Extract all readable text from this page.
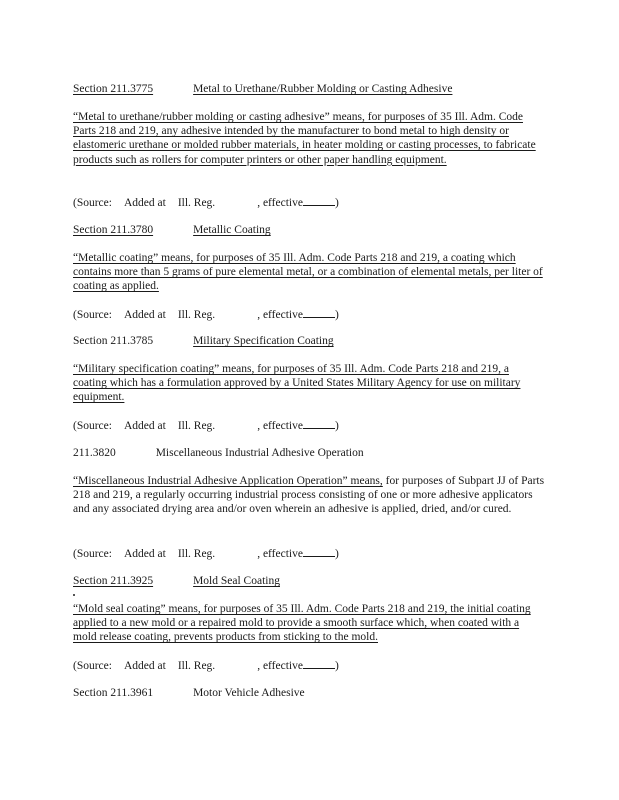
Section 211.3775	Metal to Urethane/Rubber Molding or Casting Adhesive
“Metal to urethane/rubber molding or casting adhesive” means, for purposes of 35 Ill. Adm. Code Parts 218 and 219, any adhesive intended by the manufacturer to bond metal to high density or elastomeric urethane or molded rubber materials, in heater molding or casting processes, to fabricate products such as rollers for computer printers or other paper handling equipment.
(Source: Added at Ill. Reg.	, effective	)
Section 211.3780	Metallic Coating
“Metallic coating” means, for purposes of 35 Ill. Adm. Code Parts 218 and 219, a coating which contains more than 5 grams of pure elemental metal, or a combination of elemental metals, per liter of coating as applied.
(Source: Added at Ill. Reg.	, effective	)
Section 211.3785	Military Specification Coating
“Military specification coating” means, for purposes of 35 Ill. Adm. Code Parts 218 and 219, a coating which has a formulation approved by a United States Military Agency for use on military equipment.
(Source: Added at Ill. Reg.	, effective	)
211.3820	Miscellaneous Industrial Adhesive Operation
“Miscellaneous Industrial Adhesive Application Operation” means, for purposes of Subpart JJ of Parts 218 and 219, a regularly occurring industrial process consisting of one or more adhesive applicators and any associated drying area and/or oven wherein an adhesive is applied, dried, and/or cured.
(Source: Added at Ill. Reg.	, effective	)
Section 211.3925	Mold Seal Coating
“Mold seal coating” means, for purposes of 35 Ill. Adm. Code Parts 218 and 219, the initial coating applied to a new mold or a repaired mold to provide a smooth surface which, when coated with a mold release coating, prevents products from sticking to the mold.
(Source: Added at Ill. Reg.	, effective	)
Section 211.3961	Motor Vehicle Adhesive
